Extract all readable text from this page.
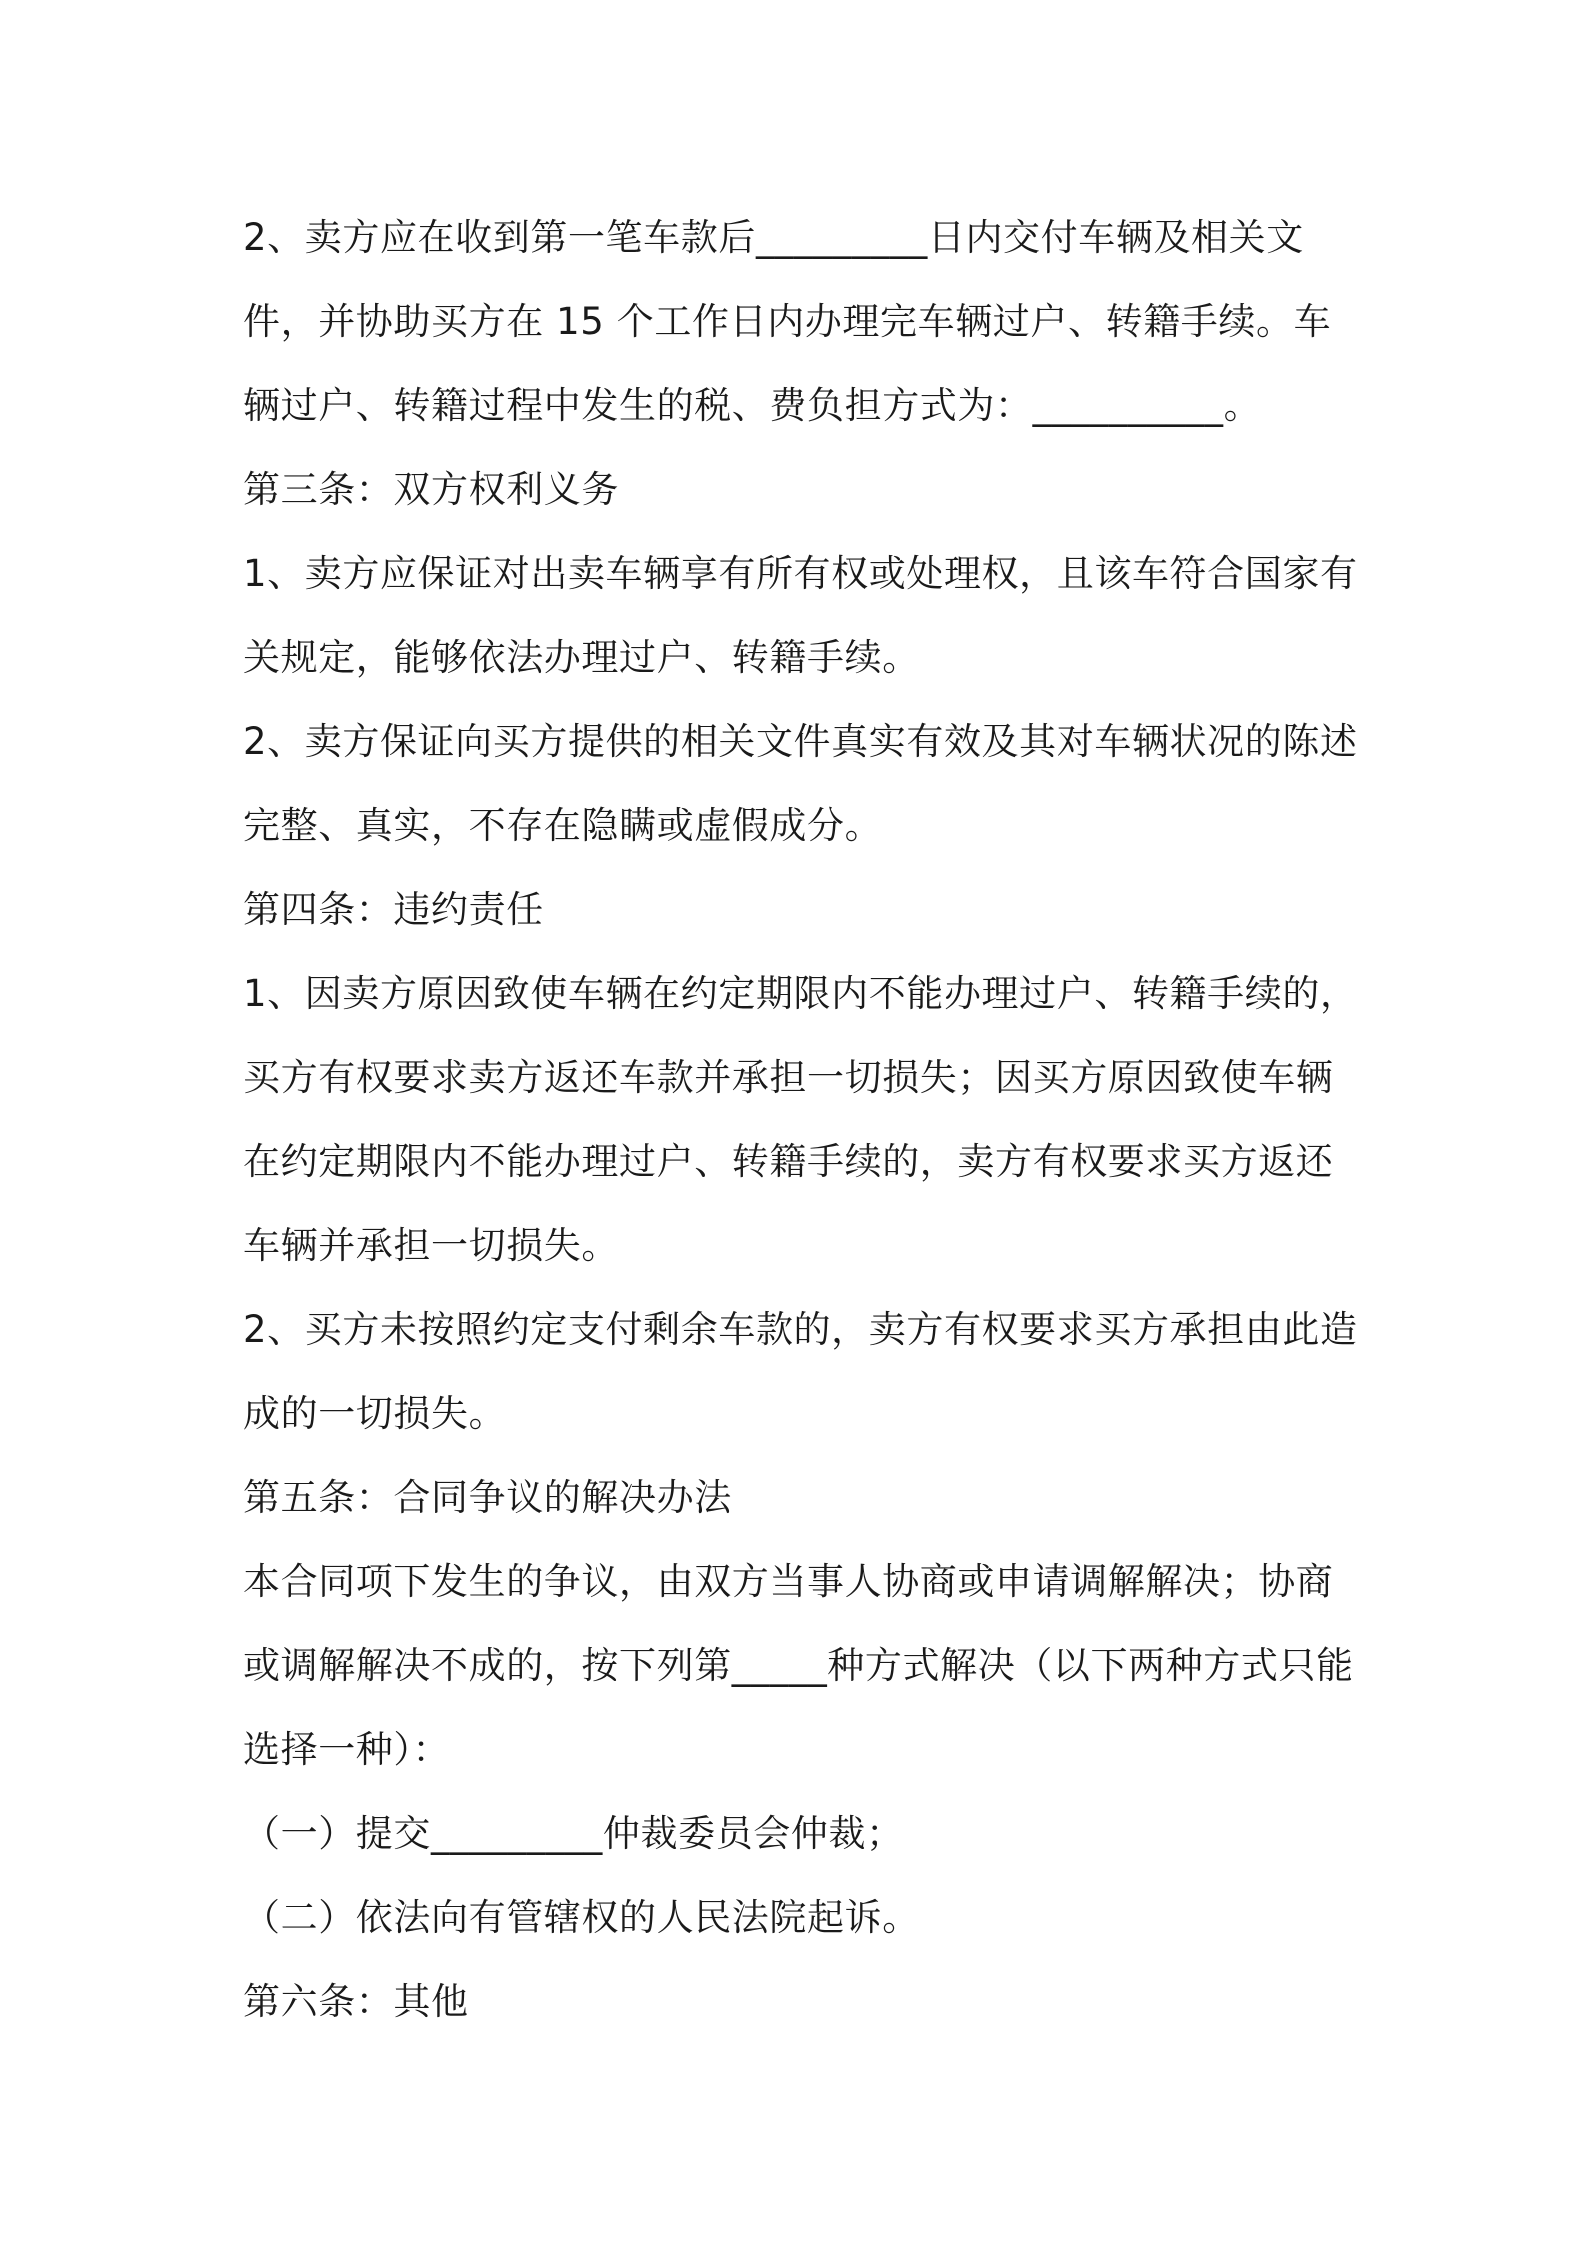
2、卖方应在收到第一笔车款后_________日内交付车辆及相关文件，并协助买方在 15 个工作日内办理完车辆过户、转籍手续。车辆过户、转籍过程中发生的税、费负担方式为：__________。

第三条：双方权利义务

1、卖方应保证对出卖车辆享有所有权或处理权，且该车符合国家有关规定，能够依法办理过户、转籍手续。

2、卖方保证向买方提供的相关文件真实有效及其对车辆状况的陈述完整、真实，不存在隐瞒或虚假成分。

第四条：违约责任

1、因卖方原因致使车辆在约定期限内不能办理过户、转籍手续的，买方有权要求卖方返还车款并承担一切损失；因买方原因致使车辆在约定期限内不能办理过户、转籍手续的，卖方有权要求买方返还车辆并承担一切损失。

2、买方未按照约定支付剩余车款的，卖方有权要求买方承担由此造成的一切损失。

第五条：合同争议的解决办法

本合同项下发生的争议，由双方当事人协商或申请调解解决；协商或调解解决不成的，按下列第_____种方式解决（以下两种方式只能选择一种）：

（一）提交_________仲裁委员会仲裁；

（二）依法向有管辖权的人民法院起诉。

第六条：其他
